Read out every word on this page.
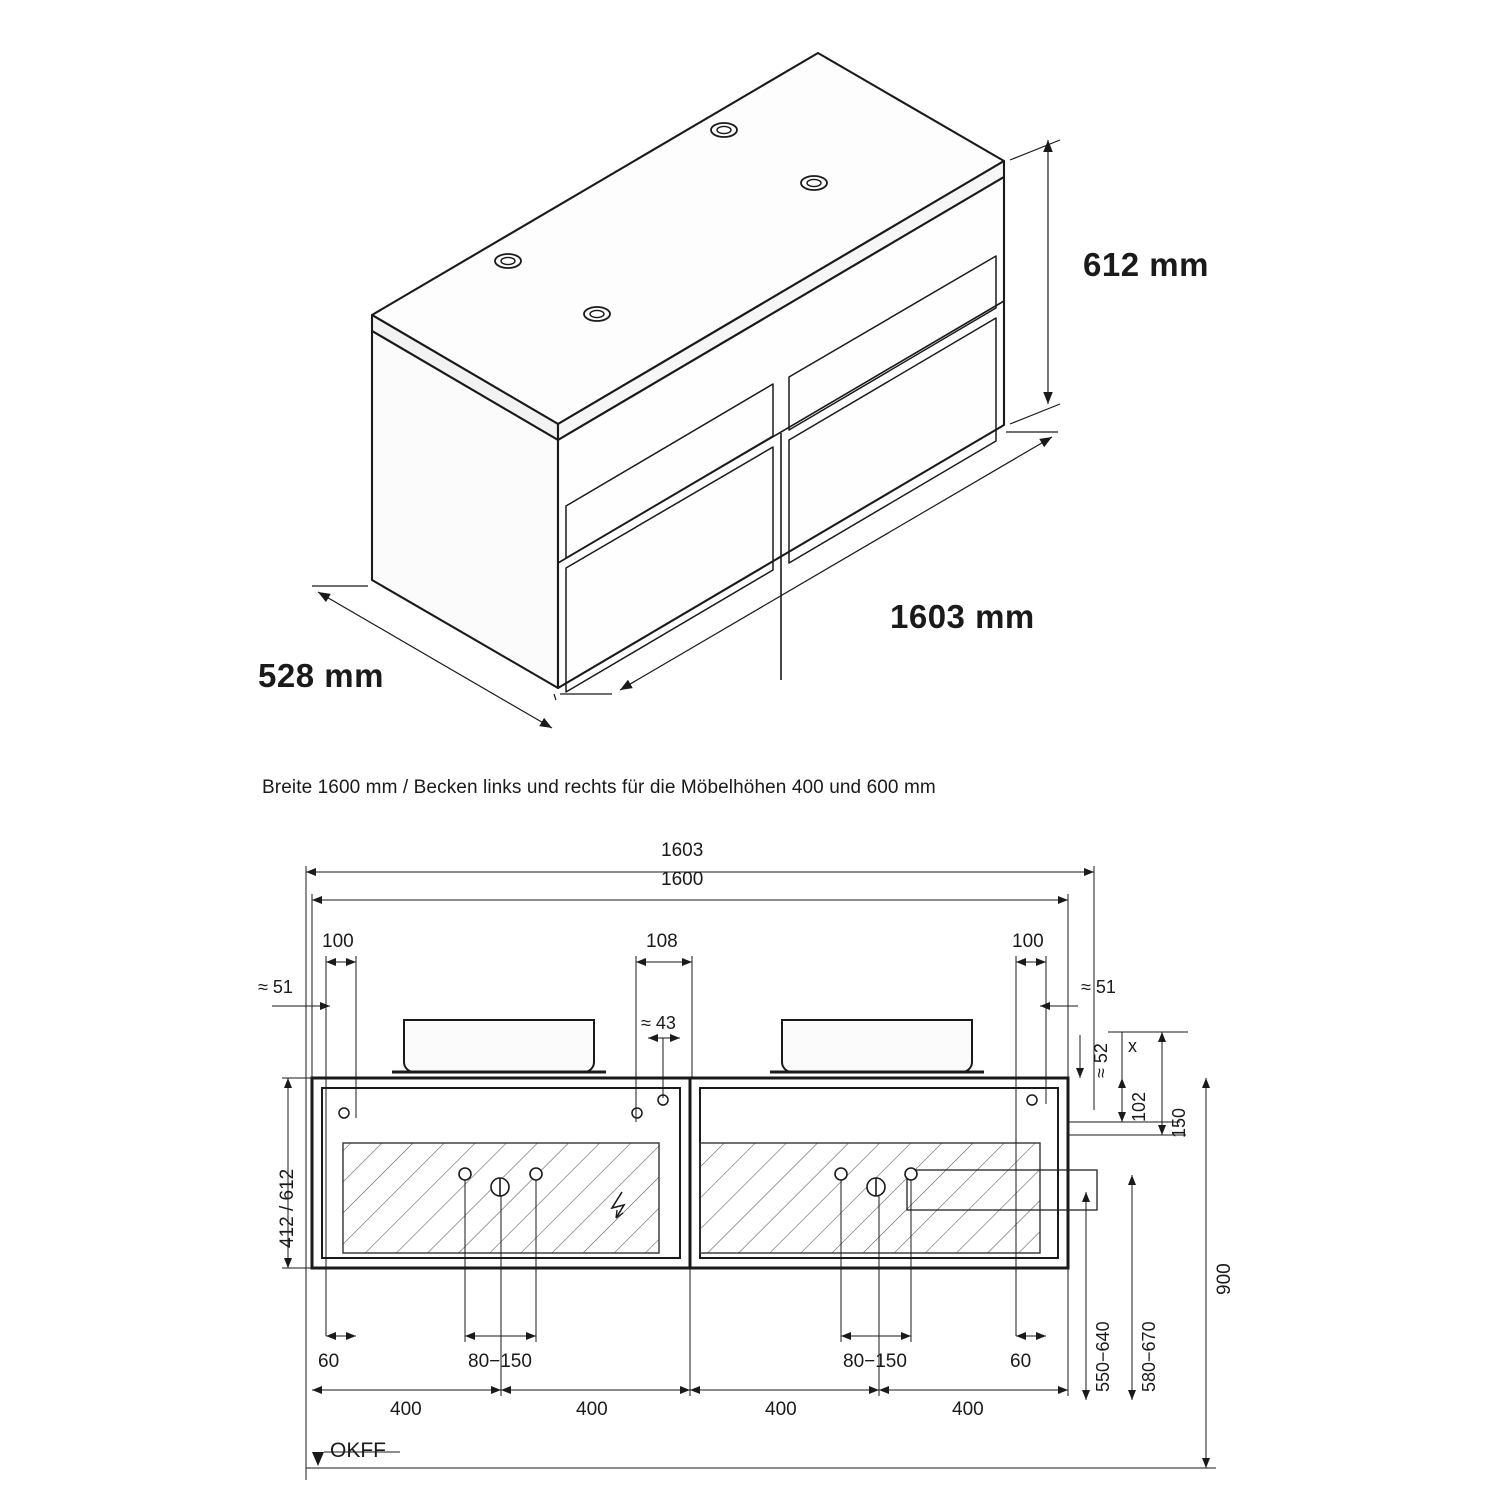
612 mm
1603 mm
528 mm
Breite 1600 mm / Becken links und rechts für die Möbelhöhen 400 und 600 mm
1603
1600
100	108	100
≈ 51	≈ 51
≈ 43
≈ 52 x
102
150
412 / 612
900
550−640 580−670
60	60
80−150	80−150
400	400	400	400
OKFF
